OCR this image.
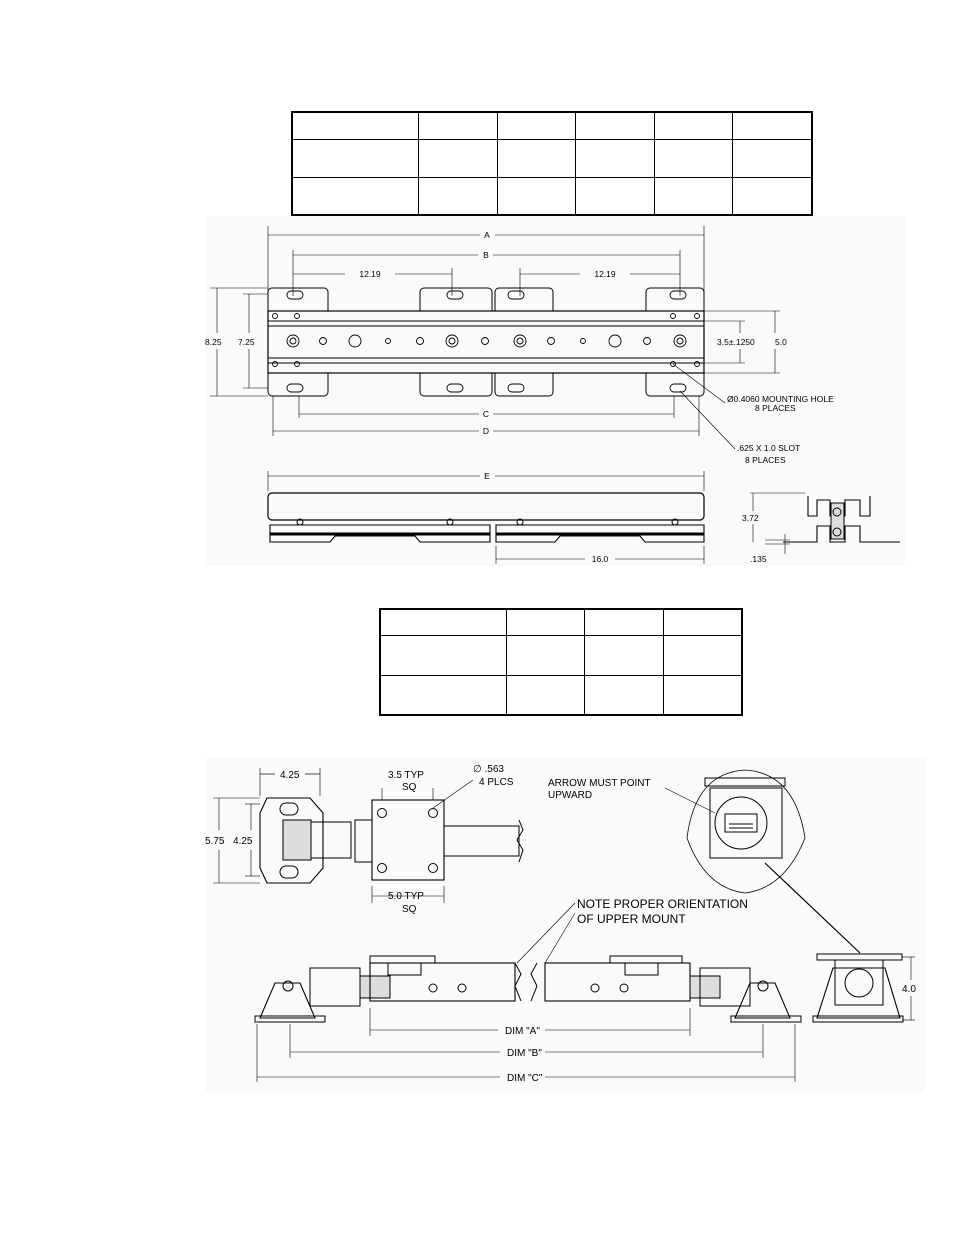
A
B
12.19	12.19
8.25 7.25	3.5±.1250 5.0
Ø0.4060 MOUNTING HOLE
8 PLACES
C
D
.625 X 1.0 SLOT
8 PLACES
E
3.72
.135
16.0
4.25
5.75 4.25
3.5 TYP
SQ
∅ .563
4 PLCS
5.0 TYP
SQ
ARROW MUST POINT
UPWARD
4.0
DIM "A"
DIM "B"
DIM "C"
NOTE PROPER ORIENTATION
OF UPPER MOUNT
